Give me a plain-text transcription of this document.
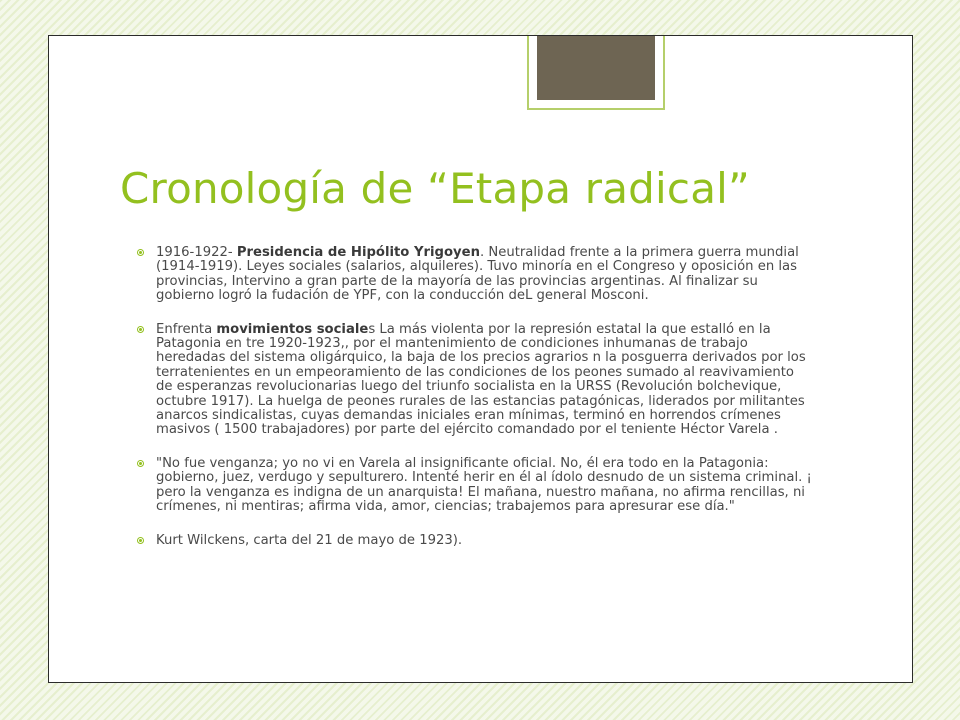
Cronología de “Etapa radical”

1916-1922- Presidencia de Hipólito Yrigoyen. Neutralidad frente a la primera guerra mundial (1914-1919). Leyes sociales (salarios, alquileres). Tuvo minoría en el Congreso y oposición en las provincias, Intervino a gran parte de la mayoría de las provincias argentinas. Al finalizar su gobierno logró la fudación de YPF, con la conducción deL general Mosconi.

Enfrenta movimientos sociales La más violenta por la represión estatal la que estalló en la Patagonia en tre 1920-1923,, por el mantenimiento de condiciones inhumanas de trabajo heredadas del sistema oligárquico, la baja de los precios agrarios n la posguerra derivados por los terratenientes en un empeoramiento de las condiciones de los peones sumado al reavivamiento de esperanzas revolucionarias luego del triunfo socialista en la URSS (Revolución bolchevique, octubre 1917). La huelga de peones rurales de las estancias patagónicas, liderados por militantes anarcos sindicalistas, cuyas demandas iniciales eran mínimas, terminó en horrendos crímenes masivos ( 1500 trabajadores) por parte del ejército comandado por el teniente Héctor Varela .

"No fue venganza; yo no vi en Varela al insignificante oficial. No, él era todo en la Patagonia: gobierno, juez, verdugo y sepulturero. Intenté herir en él al ídolo desnudo de un sistema criminal. ¡ pero la venganza es indigna de un anarquista! El mañana, nuestro mañana, no afirma rencillas, ni crímenes, ni mentiras; afirma vida, amor, ciencias; trabajemos para apresurar ese día."

Kurt Wilckens, carta del 21 de mayo de 1923).
